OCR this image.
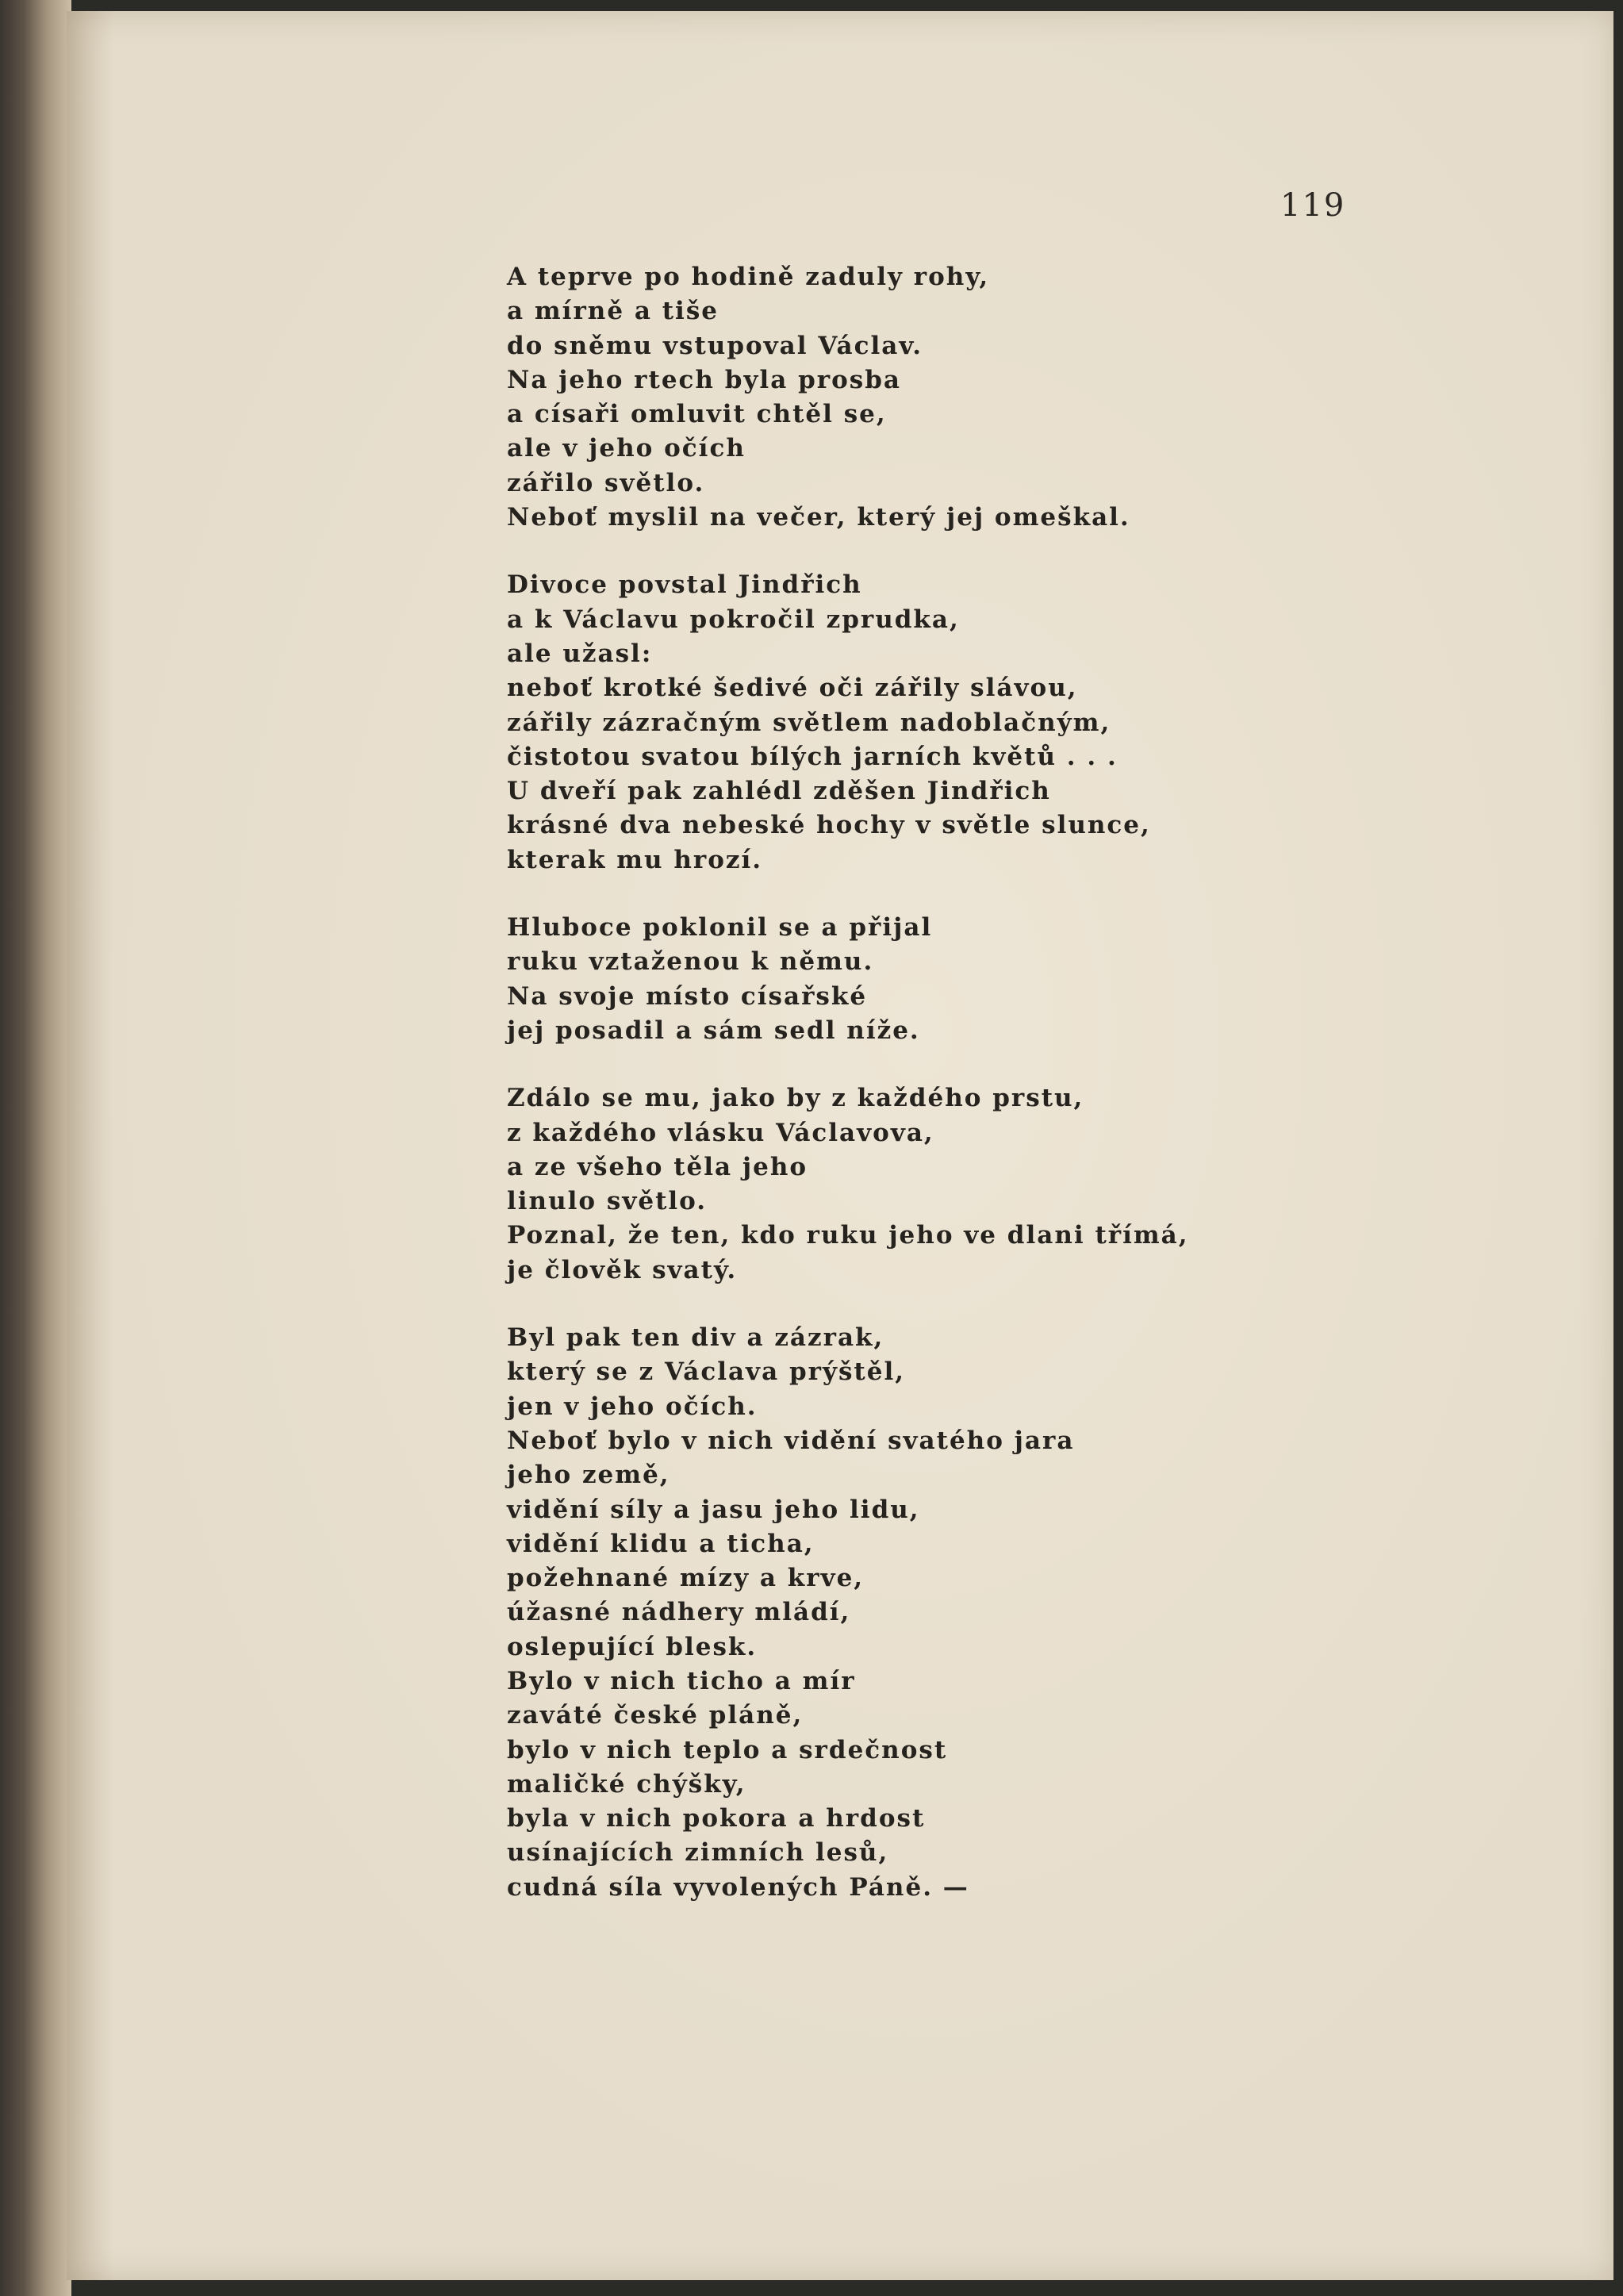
119
A teprve po hodině zaduly rohy,
a mírně a tiše
do sněmu vstupoval Václav.
Na jeho rtech byla prosba
a císaři omluvit chtěl se,
ale v jeho očích
zářilo světlo.
Neboť myslil na večer, který jej omeškal.
Divoce povstal Jindřich
a k Václavu pokročil zprudka,
ale užasl:
neboť krotké šedivé oči zářily slávou,
zářily zázračným světlem nadoblačným,
čistotou svatou bílých jarních květů . . .
U dveří pak zahlédl zděšen Jindřich
krásné dva nebeské hochy v světle slunce,
kterak mu hrozí.
Hluboce poklonil se a přijal
ruku vztaženou k němu.
Na svoje místo císařské
jej posadil a sám sedl níže.
Zdálo se mu, jako by z každého prstu,
z každého vlásku Václavova,
a ze všeho těla jeho
linulo světlo.
Poznal, že ten, kdo ruku jeho ve dlani třímá,
je člověk svatý.
Byl pak ten div a zázrak,
který se z Václava prýštěl,
jen v jeho očích.
Neboť bylo v nich vidění svatého jara
jeho země,
vidění síly a jasu jeho lidu,
vidění klidu a ticha,
požehnané mízy a krve,
úžasné nádhery mládí,
oslepující blesk.
Bylo v nich ticho a mír
zaváté české pláně,
bylo v nich teplo a srdečnost
maličké chýšky,
byla v nich pokora a hrdost
usínajících zimních lesů,
cudná síla vyvolených Páně. —
